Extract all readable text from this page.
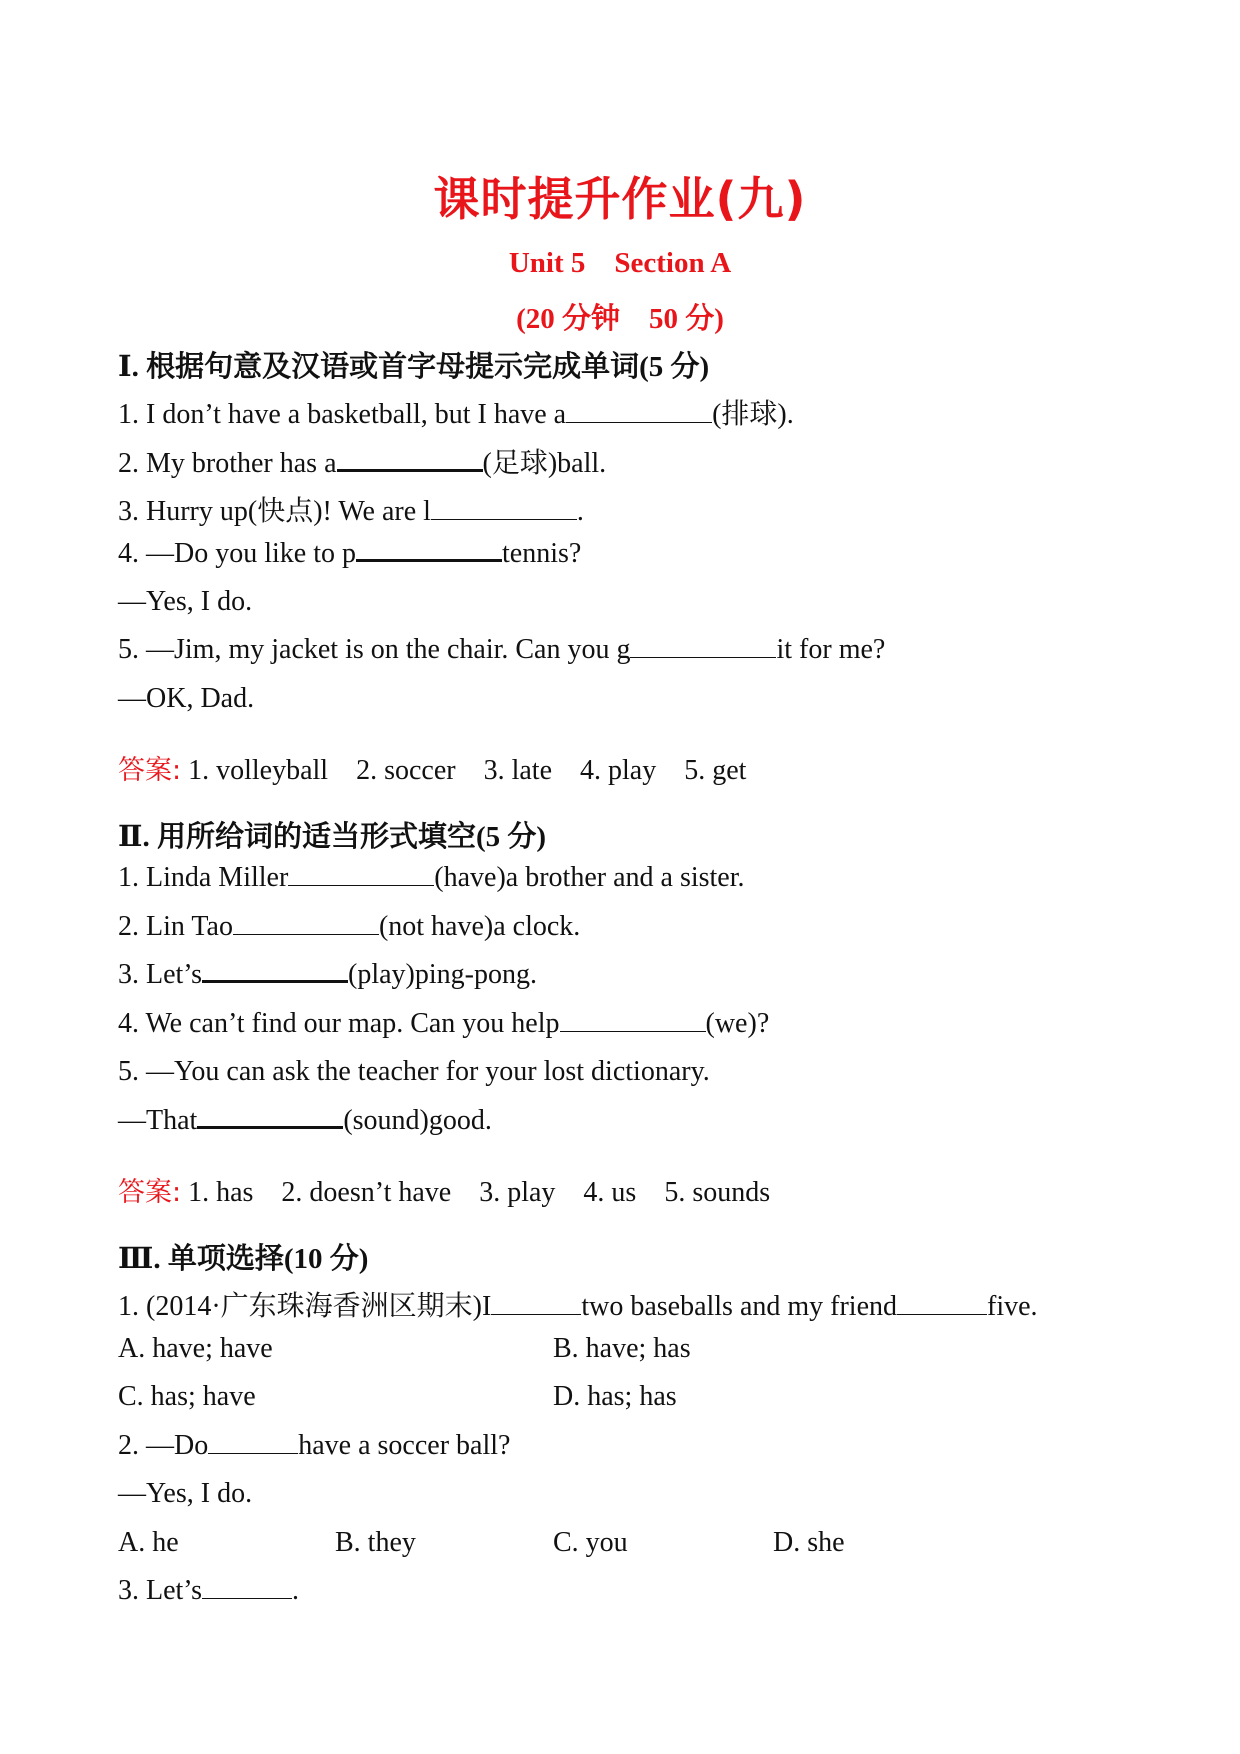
课时提升作业(九)
Unit 5    Section A
(20 分钟    50 分)
Ⅰ. 根据句意及汉语或首字母提示完成单词(5 分)
1. I don’t have a basketball, but I have a	(排球).
2. My brother has a	(足球)ball.
3. Hurry up(快点)! We are l	.
4. —Do you like to p	tennis?
—Yes, I do.
5. —Jim, my jacket is on the chair. Can you g	it for me?
—OK, Dad.
答案: 1. volleyball    2. soccer    3. late    4. play    5. get
Ⅱ. 用所给词的适当形式填空(5 分)
1. Linda Miller	(have)a brother and a sister.
2. Lin Tao	(not have)a clock.
3. Let’s	(play)ping-pong.
4. We can’t find our map. Can you help	(we)?
5. —You can ask the teacher for your lost dictionary.
—That	(sound)good.
答案: 1. has    2. doesn’t have    3. play    4. us    5. sounds
Ⅲ. 单项选择(10 分)
1. (2014·广东珠海香洲区期末)I	two baseballs and my friend	five.
A. have; have	B. have; has
C. has; have	D. has; has
2. —Do	have a soccer ball?
—Yes, I do.
A. he	B. they	C. you	D. she
3. Let’s	.
